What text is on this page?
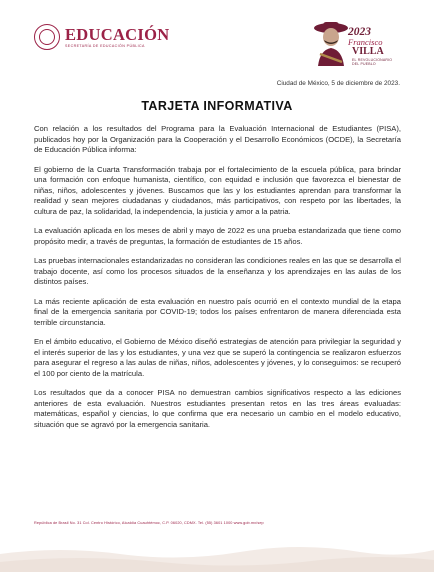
EDUCACIÓN
SECRETARÍA DE EDUCACIÓN PÚBLICA
2023
Francisco
VILLA
EL REVOLUCIONARIO DEL PUEBLO
Ciudad de México, 5 de diciembre de 2023.
TARJETA INFORMATIVA

Con relación a los resultados del Programa para la Evaluación Internacional de Estudiantes (PISA), publicados hoy por la Organización para la Cooperación y el Desarrollo Económicos (OCDE), la Secretaría de Educación Pública informa:

El gobierno de la Cuarta Transformación trabaja por el fortalecimiento de la escuela pública, para brindar una formación con enfoque humanista, científico, con equidad e inclusión que favorezca el bienestar de niñas, niños, adolescentes y jóvenes. Buscamos que las y los estudiantes aprendan para transformar la realidad y sean mejores ciudadanas y ciudadanos, más participativos, con respeto por las libertades, la cultura de paz, la solidaridad, la independencia, la justicia y amor a la patria.

La evaluación aplicada en los meses de abril y mayo de 2022 es una prueba estandarizada que tiene como propósito medir, a través de preguntas, la formación de estudiantes de 15 años.

Las pruebas internacionales estandarizadas no consideran las condiciones reales en las que se desarrolla el trabajo docente, así como los procesos situados de la enseñanza y los aprendizajes en las aulas de los distintos países.

La más reciente aplicación de esta evaluación en nuestro país ocurrió en el contexto mundial de la etapa final de la emergencia sanitaria por COVID-19; todos los países enfrentaron de manera diferenciada esta terrible circunstancia.

En el ámbito educativo, el Gobierno de México diseñó estrategias de atención para privilegiar la seguridad y el interés superior de las y los estudiantes, y una vez que se superó la contingencia se realizaron esfuerzos para asegurar el regreso a las aulas de niñas, niños, adolescentes y jóvenes, y lo conseguimos: se recuperó el 100 por ciento de la matrícula.

Los resultados que da a conocer PISA no demuestran cambios significativos respecto a las ediciones anteriores de esta evaluación. Nuestros estudiantes presentan retos en las tres áreas evaluadas: matemáticas, español y ciencias, lo que confirma que era necesario un cambio en el modelo educativo, situación que se agravó por la emergencia sanitaria.

República de Brasil No. 31 Col. Centro Histórico, Alcaldía Cuauhtémoc, C.P. 06020, CDMX. Tel. (55) 3601 1000 www.gob.mx/sep
